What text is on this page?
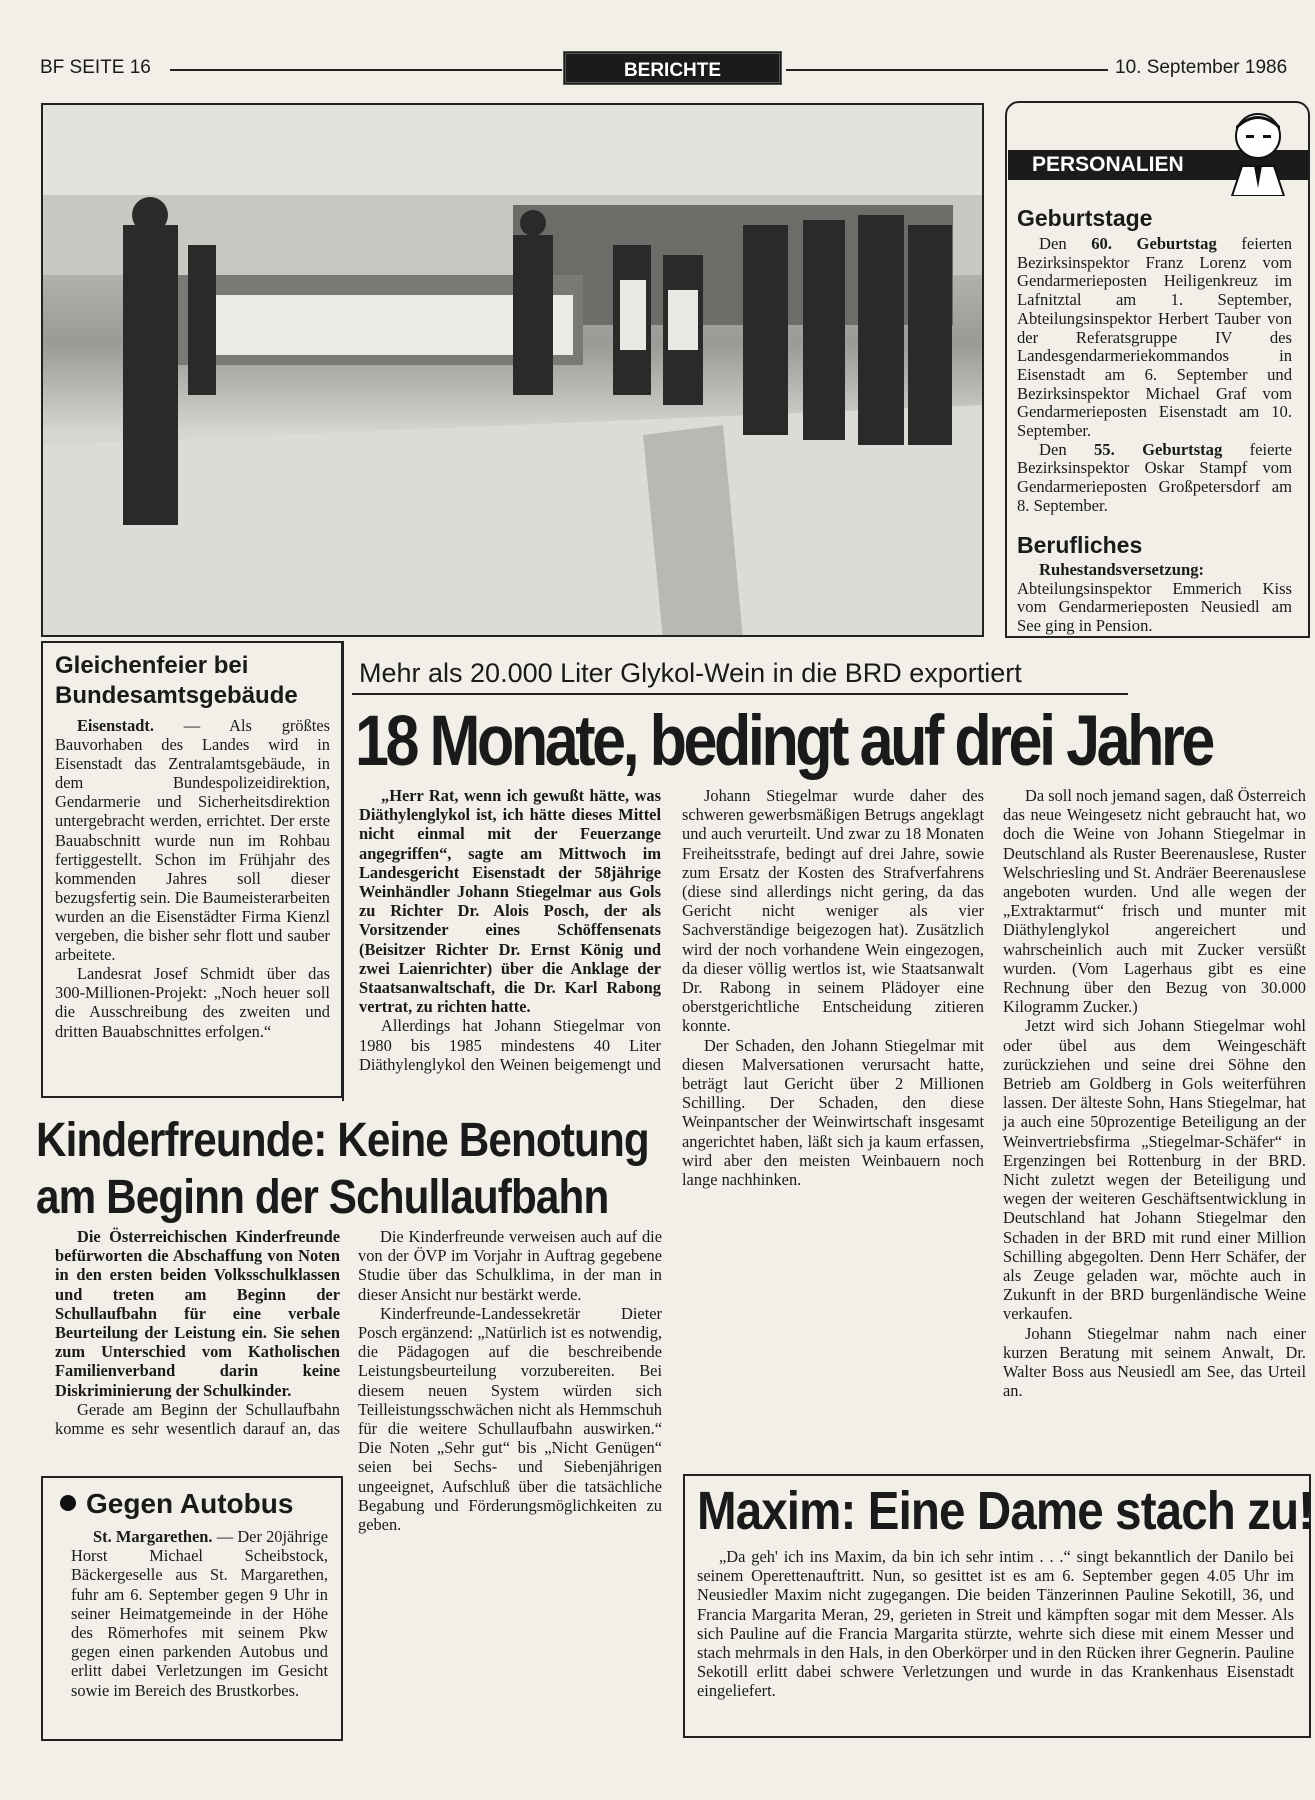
BF SEITE 16	BERICHTE	10. September 1986
PERSONALIEN
Geburtstage

Den 60. Geburtstag feierten Bezirksinspektor Franz Lorenz vom Gendarmerieposten Heiligenkreuz im Lafnitztal am 1. September, Abteilungsinspektor Herbert Tauber von der Referatsgruppe IV des Landesgendarmeriekommandos in Eisenstadt am 6. September und Bezirksinspektor Michael Graf vom Gendarmerieposten Eisenstadt am 10. September.

Den 55. Geburtstag feierte Bezirksinspektor Oskar Stampf vom Gendarmerieposten Großpetersdorf am 8. September.

Berufliches

Ruhestandsversetzung: Abteilungsinspektor Emmerich Kiss vom Gendarmerieposten Neusiedl am See ging in Pension.

Gleichenfeier bei Bundesamtsgebäude

Eisenstadt. — Als größtes Bauvorhaben des Landes wird in Eisenstadt das Zentralamtsgebäude, in dem Bundespolizeidirektion, Gendarmerie und Sicherheitsdirektion untergebracht werden, errichtet. Der erste Bauabschnitt wurde nun im Rohbau fertiggestellt. Schon im Frühjahr des kommenden Jahres soll dieser bezugsfertig sein. Die Baumeisterarbeiten wurden an die Eisenstädter Firma Kienzl vergeben, die bisher sehr flott und sauber arbeitete.

Landesrat Josef Schmidt über das 300-Millionen-Projekt: „Noch heuer soll die Ausschreibung des zweiten und dritten Bauabschnittes erfolgen.“

Mehr als 20.000 Liter Glykol-Wein in die BRD exportiert
18 Monate, bedingt auf drei Jahre

„Herr Rat, wenn ich gewußt hätte, was Diäthylenglykol ist, ich hätte dieses Mittel nicht einmal mit der Feuerzange angegriffen“, sagte am Mittwoch im Landesgericht Eisenstadt der 58jährige Weinhändler Johann Stiegelmar aus Gols zu Richter Dr. Alois Posch, der als Vorsitzender eines Schöffensenats (Beisitzer Richter Dr. Ernst König und zwei Laienrichter) über die Anklage der Staatsanwaltschaft, die Dr. Karl Rabong vertrat, zu richten hatte.

Allerdings hat Johann Stiegelmar von 1980 bis 1985 mindestens 40 Liter Diäthylenglykol den Weinen beigemengt und

Johann Stiegelmar wurde daher des schweren gewerbsmäßigen Betrugs angeklagt und auch verurteilt. Und zwar zu 18 Monaten Freiheitsstrafe, bedingt auf drei Jahre, sowie zum Ersatz der Kosten des Strafverfahrens (diese sind allerdings nicht gering, da das Gericht nicht weniger als vier Sachverständige beigezogen hat). Zusätzlich wird der noch vorhandene Wein eingezogen, da dieser völlig wertlos ist, wie Staatsanwalt Dr. Rabong in seinem Plädoyer eine oberstgerichtliche Entscheidung zitieren konnte.

Der Schaden, den Johann Stiegelmar mit diesen Malversationen verursacht hatte, beträgt laut Gericht über 2 Millionen Schilling. Der Schaden, den diese Weinpantscher der Weinwirtschaft insgesamt angerichtet haben, läßt sich ja kaum erfassen, wird aber den meisten Weinbauern noch lange nachhinken.

Da soll noch jemand sagen, daß Österreich das neue Weingesetz nicht gebraucht hat, wo doch die Weine von Johann Stiegelmar in Deutschland als Ruster Beerenauslese, Ruster Welschriesling und St. Andräer Beerenauslese angeboten wurden. Und alle wegen der „Extraktarmut“ frisch und munter mit Diäthylenglykol angereichert und wahrscheinlich auch mit Zucker versüßt wurden. (Vom Lagerhaus gibt es eine Rechnung über den Bezug von 30.000 Kilogramm Zucker.)

Jetzt wird sich Johann Stiegelmar wohl oder übel aus dem Weingeschäft zurückziehen und seine drei Söhne den Betrieb am Goldberg in Gols weiterführen lassen. Der älteste Sohn, Hans Stiegelmar, hat ja auch eine 50prozentige Beteiligung an der Weinvertriebsfirma „Stiegelmar-Schäfer“ in Ergenzingen bei Rottenburg in der BRD. Nicht zuletzt wegen der Beteiligung und wegen der weiteren Geschäftsentwicklung in Deutschland hat Johann Stiegelmar den Schaden in der BRD mit rund einer Million Schilling abgegolten. Denn Herr Schäfer, der als Zeuge geladen war, möchte auch in Zukunft in der BRD burgenländische Weine verkaufen.

Johann Stiegelmar nahm nach einer kurzen Beratung mit seinem Anwalt, Dr. Walter Boss aus Neusiedl am See, das Urteil an.

Kinderfreunde: Keine Benotung
am Beginn der Schullaufbahn

Die Österreichischen Kinderfreunde befürworten die Abschaffung von Noten in den ersten beiden Volksschulklassen und treten am Beginn der Schullaufbahn für eine verbale Beurteilung der Leistung ein. Sie sehen zum Unterschied vom Katholischen Familienverband darin keine Diskriminierung der Schulkinder.

Gerade am Beginn der Schullaufbahn komme es sehr wesentlich darauf an, das

Die Kinderfreunde verweisen auch auf die von der ÖVP im Vorjahr in Auftrag gegebene Studie über das Schulklima, in der man in dieser Ansicht nur bestärkt werde.

Kinderfreunde-Landessekretär Dieter Posch ergänzend: „Natürlich ist es notwendig, die Pädagogen auf die beschreibende Leistungsbeurteilung vorzubereiten. Bei diesem neuen System würden sich Teilleistungsschwächen nicht als Hemmschuh für die weitere Schullaufbahn auswirken.“ Die Noten „Sehr gut“ bis „Nicht Genügen“ seien bei Sechs- und Siebenjährigen ungeeignet, Aufschluß über die tatsächliche Begabung und Förderungsmöglichkeiten zu geben.

Gegen Autobus

St. Margarethen. — Der 20jährige Horst Michael Scheibstock, Bäckergeselle aus St. Margarethen, fuhr am 6. September gegen 9 Uhr in seiner Heimatgemeinde in der Höhe des Römerhofes mit seinem Pkw gegen einen parkenden Autobus und erlitt dabei Verletzungen im Gesicht sowie im Bereich des Brustkorbes.

Maxim: Eine Dame stach zu!

„Da geh' ich ins Maxim, da bin ich sehr intim . . .“ singt bekanntlich der Danilo bei seinem Operettenauftritt. Nun, so gesittet ist es am 6. September gegen 4.05 Uhr im Neusiedler Maxim nicht zugegangen. Die beiden Tänzerinnen Pauline Sekotill, 36, und Francia Margarita Meran, 29, gerieten in Streit und kämpften sogar mit dem Messer. Als sich Pauline auf die Francia Margarita stürzte, wehrte sich diese mit einem Messer und stach mehrmals in den Hals, in den Oberkörper und in den Rücken ihrer Gegnerin. Pauline Sekotill erlitt dabei schwere Verletzungen und wurde in das Krankenhaus Eisenstadt eingeliefert.
